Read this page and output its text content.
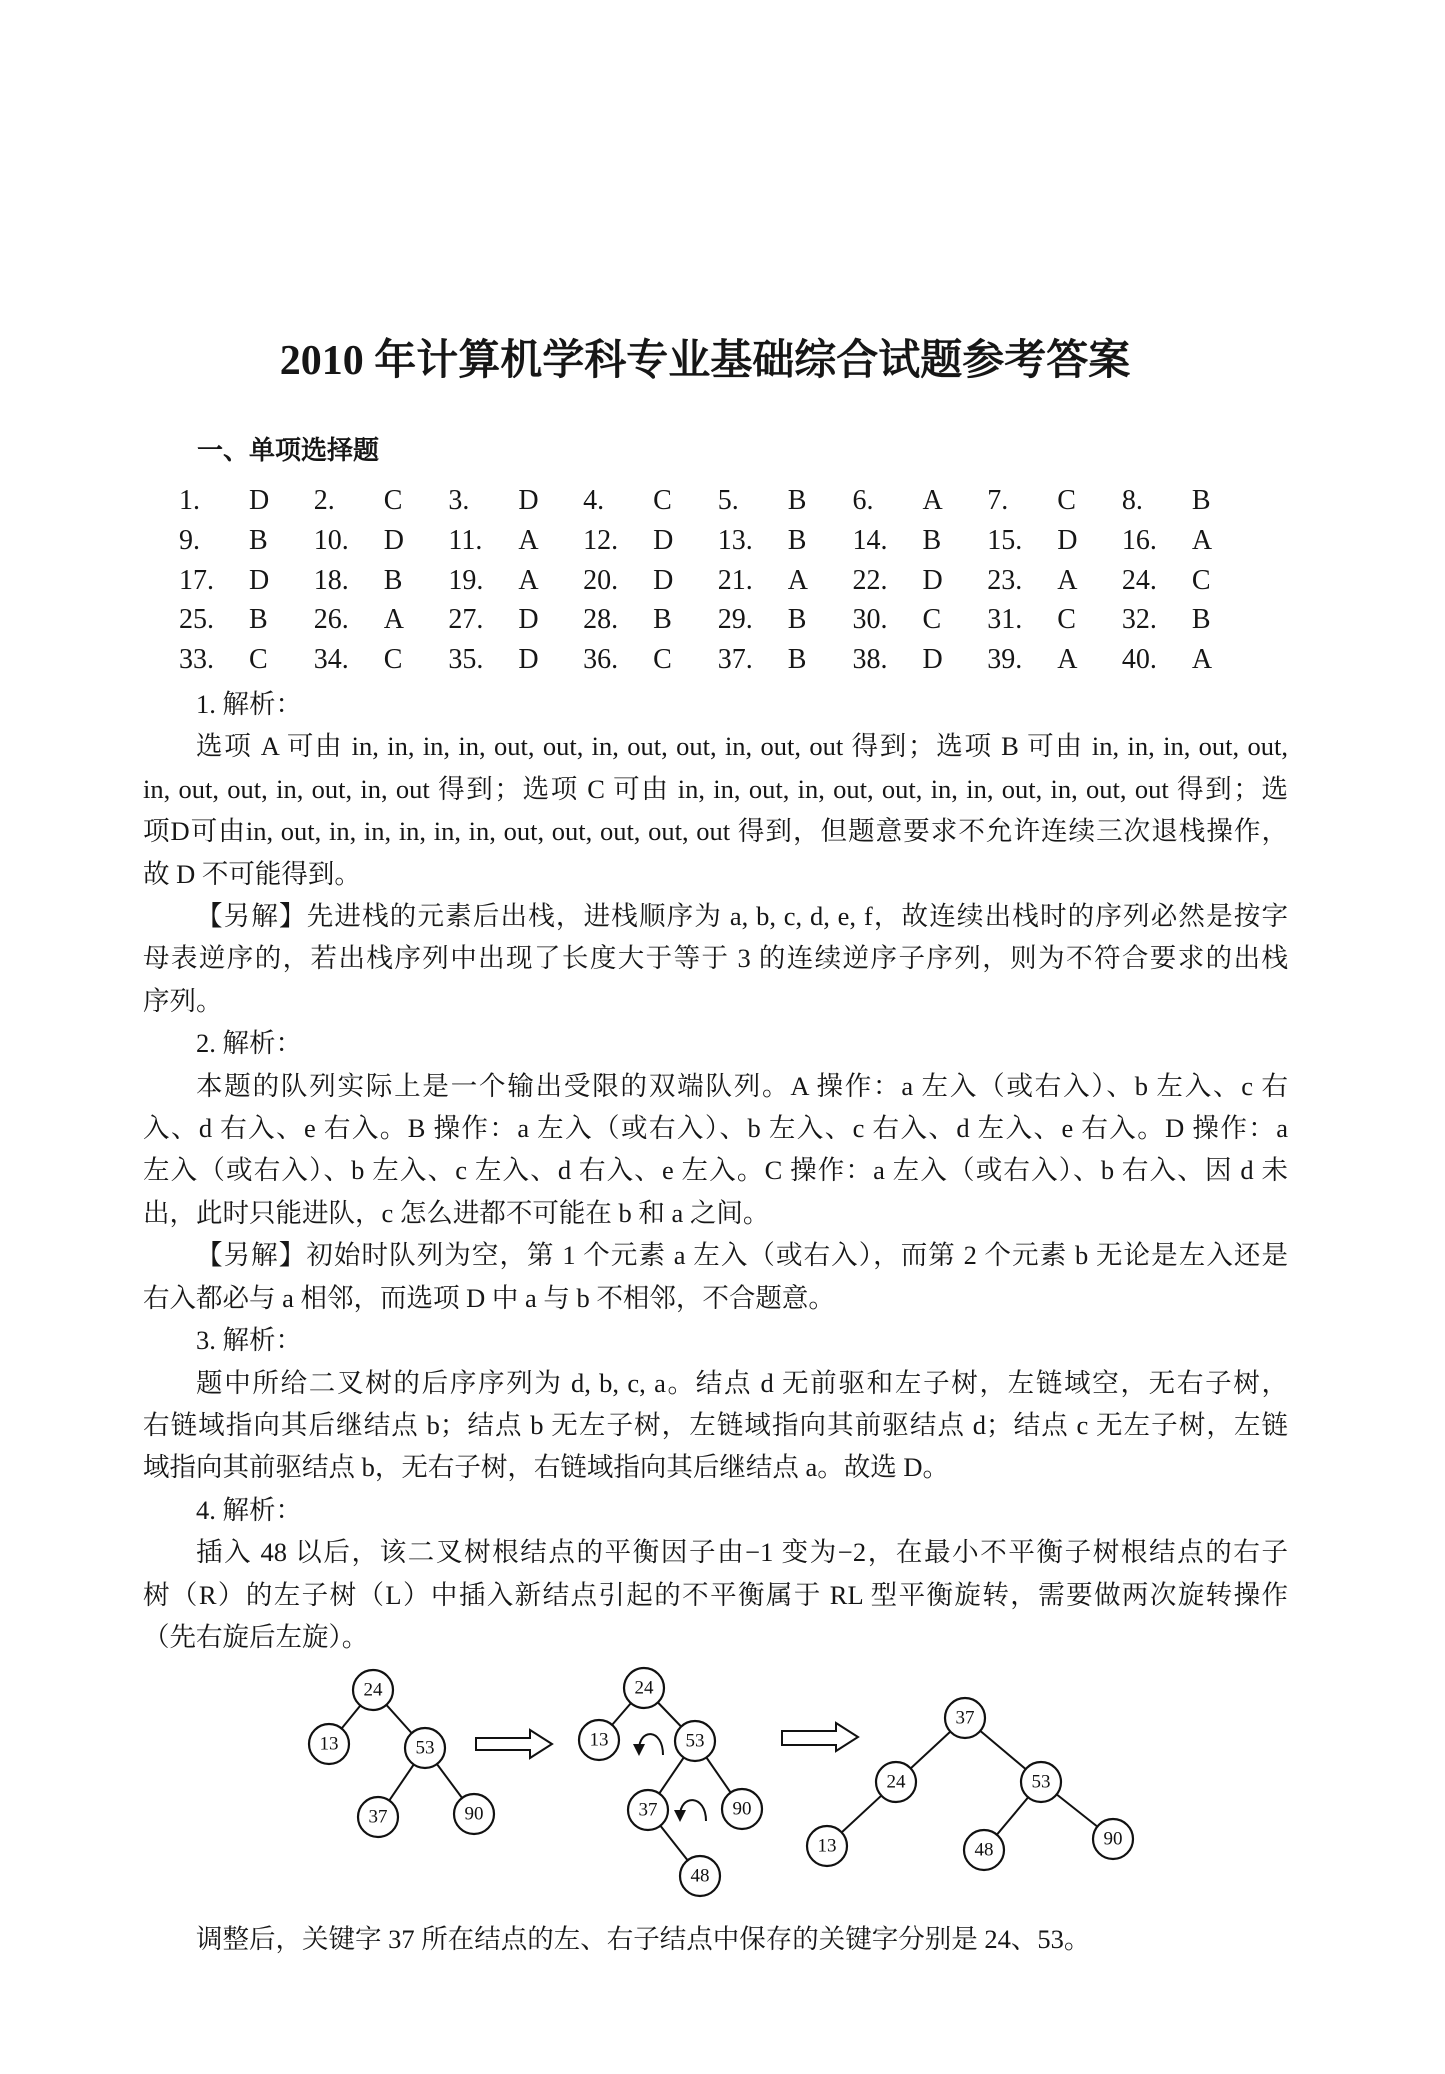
2010 年计算机学科专业基础综合试题参考答案
一、单项选择题
1. D 2. C 3. D 4. C 5. B 6. A 7. C 8. B
9. B 10. D 11. A 12. D 13. B 14. B 15. D 16. A
17. D 18. B 19. A 20. D 21. A 22. D 23. A 24. C
25. B 26. A 27. D 28. B 29. B 30. C 31. C 32. B
33. C 34. C 35. D 36. C 37. B 38. D 39. A 40. A
1. 解析：
选项 A 可由 in, in, in, in, out, out, in, out, out, in, out, out 得到；选项 B 可由 in, in, in, out, out,
in, out, out, in, out, in, out 得到；选项 C 可由 in, in, out, in, out, out, in, in, out, in, out, out 得到；选
项D可由in, out, in, in, in, in, in, out, out, out, out, out 得到，但题意要求不允许连续三次退栈操作，
故 D 不可能得到。
【另解】先进栈的元素后出栈，进栈顺序为 a, b, c, d, e, f，故连续出栈时的序列必然是按字
母表逆序的，若出栈序列中出现了长度大于等于 3 的连续逆序子序列，则为不符合要求的出栈
序列。
2. 解析：
本题的队列实际上是一个输出受限的双端队列。A 操作：a 左入（或右入）、b 左入、c 右
入、d 右入、e 右入。B 操作：a 左入（或右入）、b 左入、c 右入、d 左入、e 右入。D 操作：a
左入（或右入）、b 左入、c 左入、d 右入、e 左入。C 操作：a 左入（或右入）、b 右入、因 d 未
出，此时只能进队，c 怎么进都不可能在 b 和 a 之间。
【另解】初始时队列为空，第 1 个元素 a 左入（或右入），而第 2 个元素 b 无论是左入还是
右入都必与 a 相邻，而选项 D 中 a 与 b 不相邻，不合题意。
3. 解析：
题中所给二叉树的后序序列为 d, b, c, a。结点 d 无前驱和左子树，左链域空，无右子树，
右链域指向其后继结点 b；结点 b 无左子树，左链域指向其前驱结点 d；结点 c 无左子树，左链
域指向其前驱结点 b，无右子树，右链域指向其后继结点 a。故选 D。
4. 解析：
插入 48 以后，该二叉树根结点的平衡因子由−1 变为−2，在最小不平衡子树根结点的右子
树（R）的左子树（L）中插入新结点引起的不平衡属于 RL 型平衡旋转，需要做两次旋转操作
（先右旋后左旋）。
24
13	53
37	90
24
13	53
37	90
48
37
24	53
13	48
90
调整后，关键字 37 所在结点的左、右子结点中保存的关键字分别是 24、53。
